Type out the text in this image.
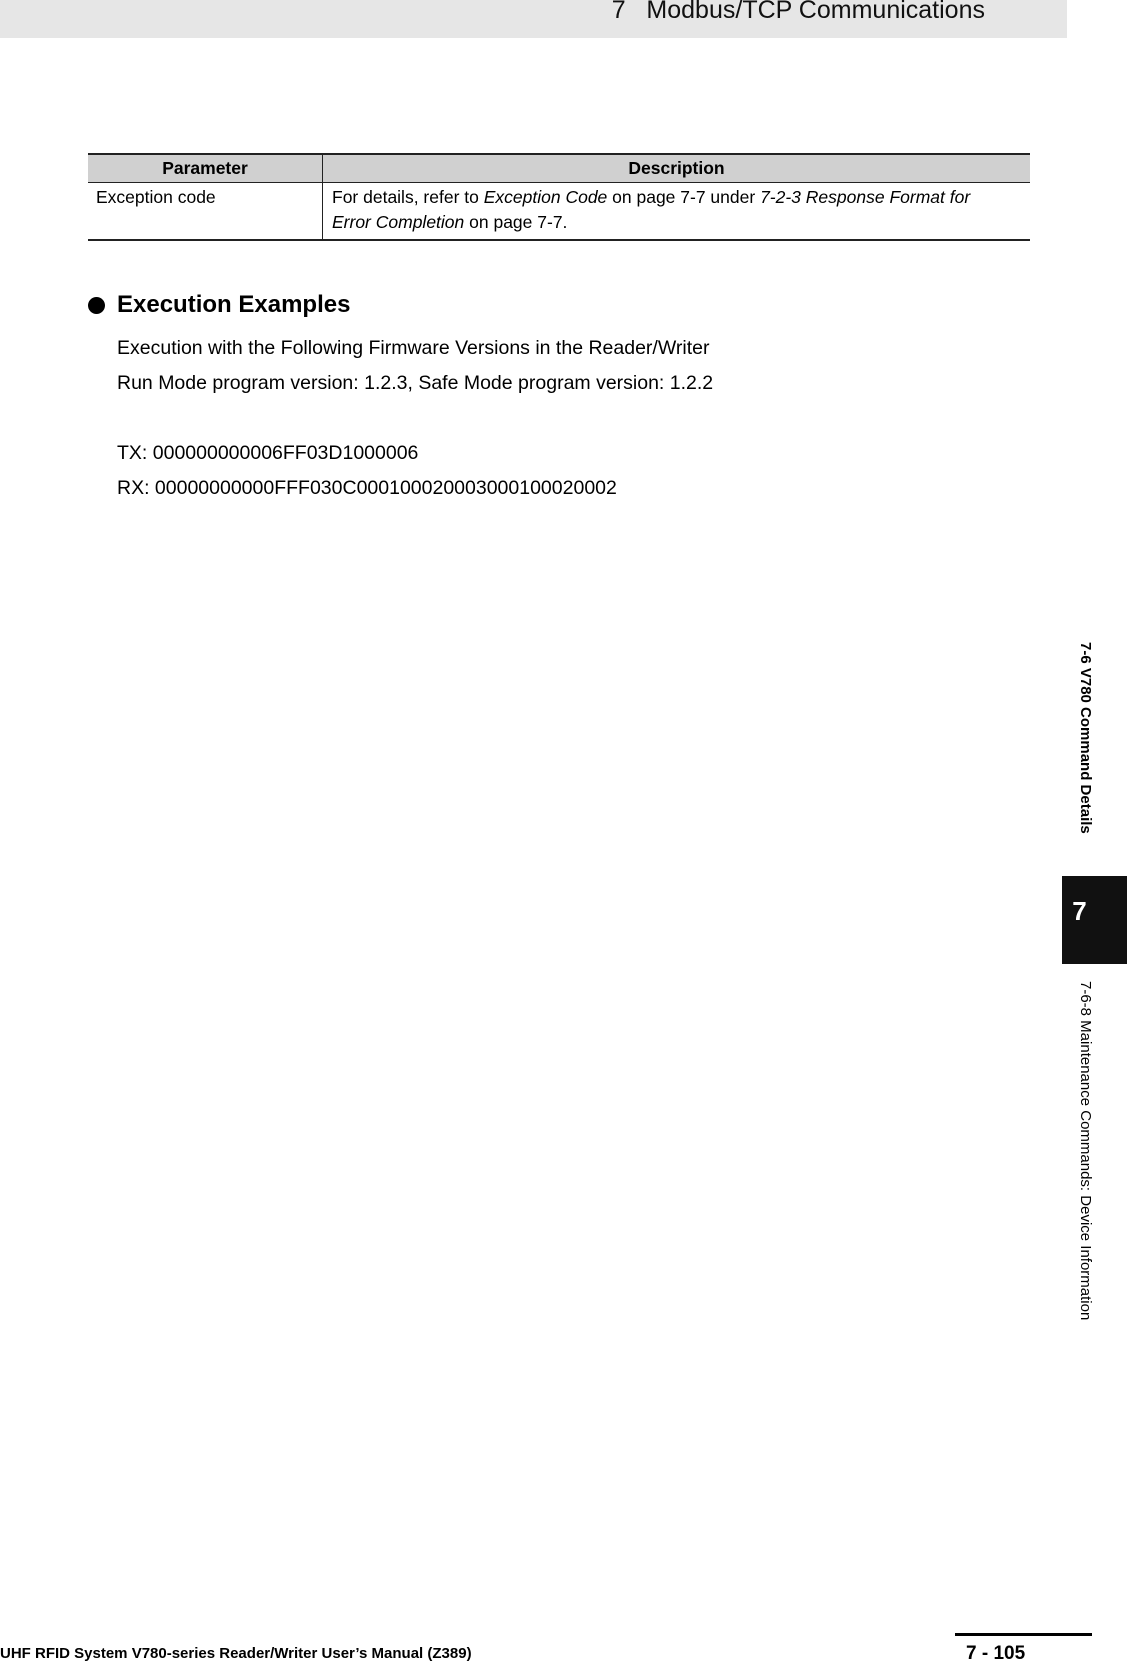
7   Modbus/TCP Communications
Parameter	Description
Exception code	For details, refer to Exception Code on page 7-7 under 7-2-3 Response Format for
Error Completion on page 7-7.
Execution Examples
Execution with the Following Firmware Versions in the Reader/Writer
Run Mode program version: 1.2.3, Safe Mode program version: 1.2.2
TX: 000000000006FF03D1000006
RX: 00000000000FFF030C000100020003000100020002
7-6 V780 Command Details
7
7-6-8 Maintenance Commands: Device Information
UHF RFID System V780-series Reader/Writer User’s Manual (Z389)	7 - 105
